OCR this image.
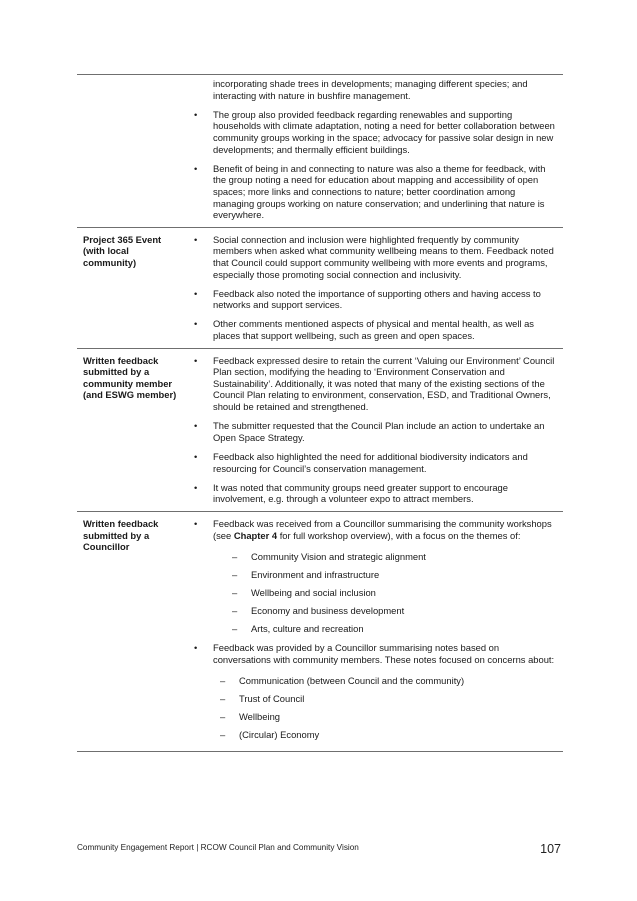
incorporating shade trees in developments; managing different species; and interacting with nature in bushfire management.
• The group also provided feedback regarding renewables and supporting households with climate adaptation, noting a need for better collaboration between community groups working in the space; advocacy for passive solar design in new developments; and thermally efficient buildings.
• Benefit of being in and connecting to nature was also a theme for feedback, with the group noting a need for education about mapping and accessibility of open spaces; more links and connections to nature; better coordination among managing groups working on nature conservation; and underlining that nature is everywhere.
Project 365 Event (with local community)
• Social connection and inclusion were highlighted frequently by community members when asked what community wellbeing means to them. Feedback noted that Council could support community wellbeing with more events and programs, especially those promoting social connection and inclusivity.
• Feedback also noted the importance of supporting others and having access to networks and support services.
• Other comments mentioned aspects of physical and mental health, as well as places that support wellbeing, such as green and open spaces.
Written feedback submitted by a community member (and ESWG member)
• Feedback expressed desire to retain the current ‘Valuing our Environment’ Council Plan section, modifying the heading to ‘Environment Conservation and Sustainability’. Additionally, it was noted that many of the existing sections of the Council Plan relating to environment, conservation, ESD, and Traditional Owners, should be retained and strengthened.
• The submitter requested that the Council Plan include an action to undertake an Open Space Strategy.
• Feedback also highlighted the need for additional biodiversity indicators and resourcing for Council’s conservation management.
• It was noted that community groups need greater support to encourage involvement, e.g. through a volunteer expo to attract members.
Written feedback submitted by a Councillor
• Feedback was received from a Councillor summarising the community workshops (see Chapter 4 for full workshop overview), with a focus on the themes of:
– Community Vision and strategic alignment
– Environment and infrastructure
– Wellbeing and social inclusion
– Economy and business development
– Arts, culture and recreation
• Feedback was provided by a Councillor summarising notes based on conversations with community members. These notes focused on concerns about:
– Communication (between Council and the community)
– Trust of Council
– Wellbeing
– (Circular) Economy
Community Engagement Report | RCOW Council Plan and Community Vision	107
